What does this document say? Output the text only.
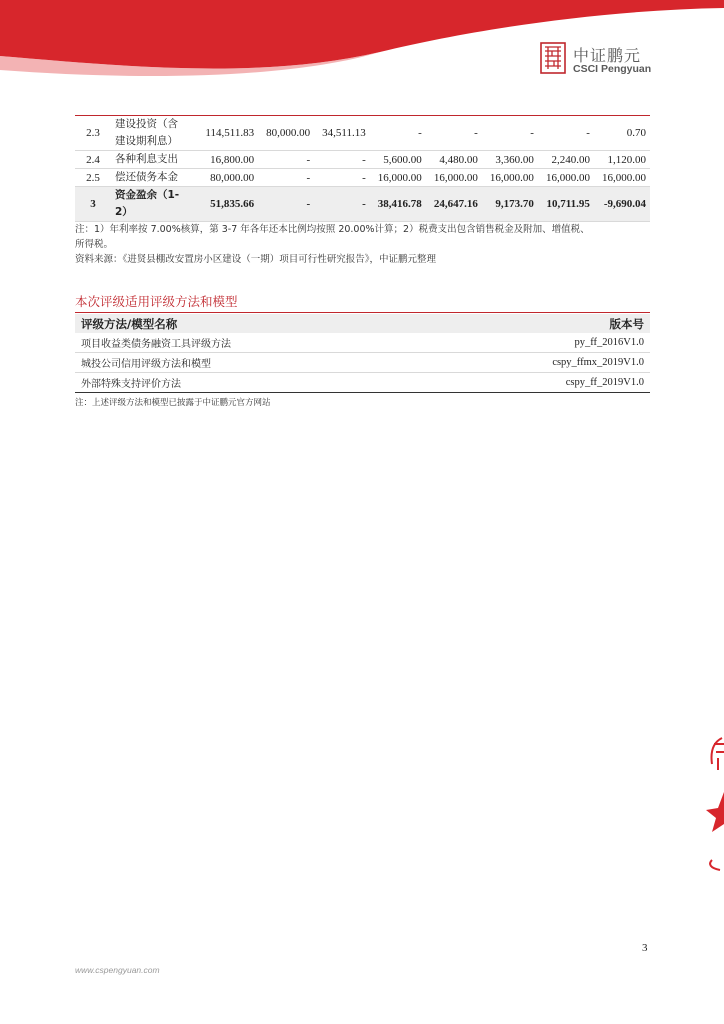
中证鹏元
CSCI Pengyuan
2.3	建设投资（含
建设期利息）	114,511.83	80,000.00	34,511.13	-	-	-	-	0.70
2.4	各种利息支出	16,800.00	-	-	5,600.00	4,480.00	3,360.00	2,240.00	1,120.00
2.5	偿还债务本金	80,000.00	-	-	16,000.00	16,000.00	16,000.00	16,000.00	16,000.00
3	资金盈余（1-
2）	51,835.66	-	-	38,416.78	24,647.16	9,173.70	10,711.95	-9,690.04
注：1）年利率按 7.00%核算，第 3-7 年各年还本比例均按照 20.00%计算；2）税费支出包含销售税金及附加、增值税、
所得税。
资料来源：《进贤县棚改安置房小区建设（一期）项目可行性研究报告》，中证鹏元整理
本次评级适用评级方法和模型
评级方法/模型名称	版本号
项目收益类债务融资工具评级方法	py_ff_2016V1.0
城投公司信用评级方法和模型	cspy_ffmx_2019V1.0
外部特殊支持评价方法	cspy_ff_2019V1.0
注：上述评级方法和模型已披露于中证鹏元官方网站
3
www.cspengyuan.com
